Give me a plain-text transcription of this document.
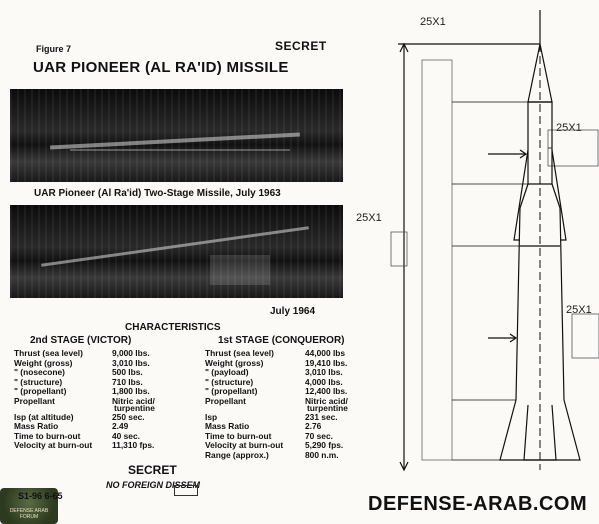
Figure 7	SECRET
UAR PIONEER (AL RA'ID) MISSILE
UAR Pioneer (Al Ra'id) Two-Stage Missile, July 1963
July 1964
CHARACTERISTICS
2nd STAGE (VICTOR)	1st STAGE (CONQUEROR)
Thrust (sea level)	9,000 lbs.
Weight (gross)	3,010 lbs.
" (nosecone)	500 lbs.
" (structure)	710 lbs.
" (propellant)	1,800 lbs.
Propellant	Nitric acid/
turpentine
Isp (at altitude)	250 sec.
Mass Ratio	2.49
Time to burn-out	40 sec.
Velocity at burn-out 11,310 fps.
Thrust (sea level)	44,000 lbs
Weight (gross)	19,410 lbs.
" (payload)	3,010 lbs.
" (structure)	4,000 lbs.
" (propellant)	12,400 lbs.
Propellant	Nitric acid/
turpentine
Isp	231 sec.
Mass Ratio	2.76
Time to burn-out	70 sec.
Velocity at burn-out	5,290 fps.
Range (approx.)	800 n.m.
SECRET
NO FOREIGN DISSEM
DEFENSE ARAB FORUM
S1-96 6-65	DEFENSE-ARAB.COM
25X1
25X1
25X1
25X1
